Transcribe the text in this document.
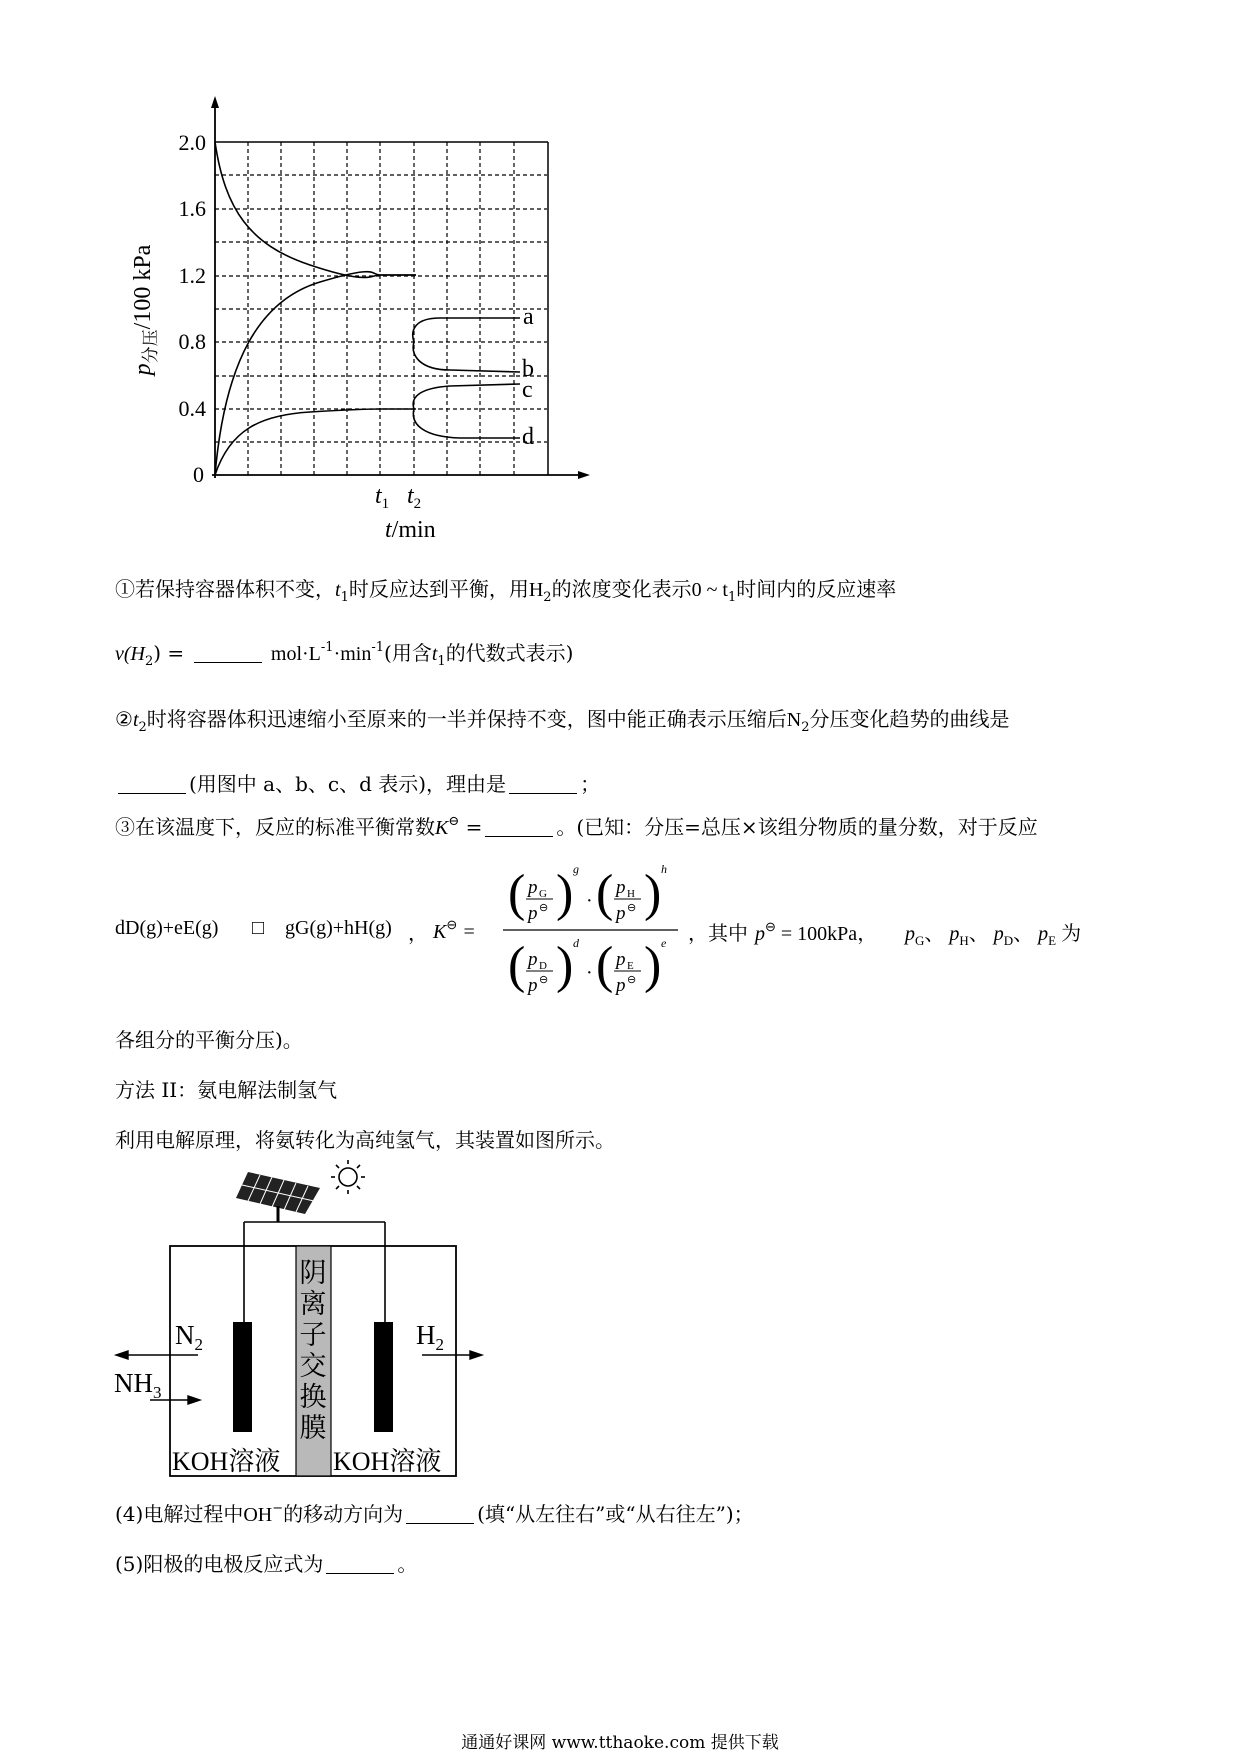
0
0.4
0.8
1.2
1.6
2.0
$p_{分压}/100$ kPa
$t_1$ $t_2$
t/min
a
b
c
d
①若保持容器体积不变，$t_1$时反应达到平衡，用$H_2$的浓度变化表示0 ~ $t_1$时间内的反应速率
$v(H_2)$ =	$mol\cdot L^{-1}\cdot\min^{-1}$(用含$t_1$的代数式表示)
$②t_2$时将容器体积迅速缩小至原来的一半并保持不变，图中能正确表示压缩后$N_2$分压变化趋势的曲线是
(用图中 a、b、c、d 表示)，理由是	；
③在该温度下，反应的标准平衡常数K⊖ =	。(已知：分压=总压×该组分物质的量分数，对于反应
dD(g)+eE(g) □ gG(g)+hH(g) ， K⊖ =
( p G
p ⊖ ) g
· ( p H
p ⊖ ) h
( p D
p ⊖ ) d
· ( p E
p ⊖ ) e ，其中 p⊖ = 100kPa， $p_G$、 $p_H$、 $p_D$、 $p_E$ 为
各组分的平衡分压)。
方法 II：氨电解法制氢气
利用电解原理，将氨转化为高纯氢气，其装置如图所示。
阴
离
子
交
换
膜
$N_2$
$NH_3$
$H_2$
KOH溶液 KOH溶液
(4)电解过程中OH−的移动方向为	(填“从左往右”或“从右往左”)；
(5)阳极的电极反应式为	。
通通好课网 www.tthaoke.com 提供下载
